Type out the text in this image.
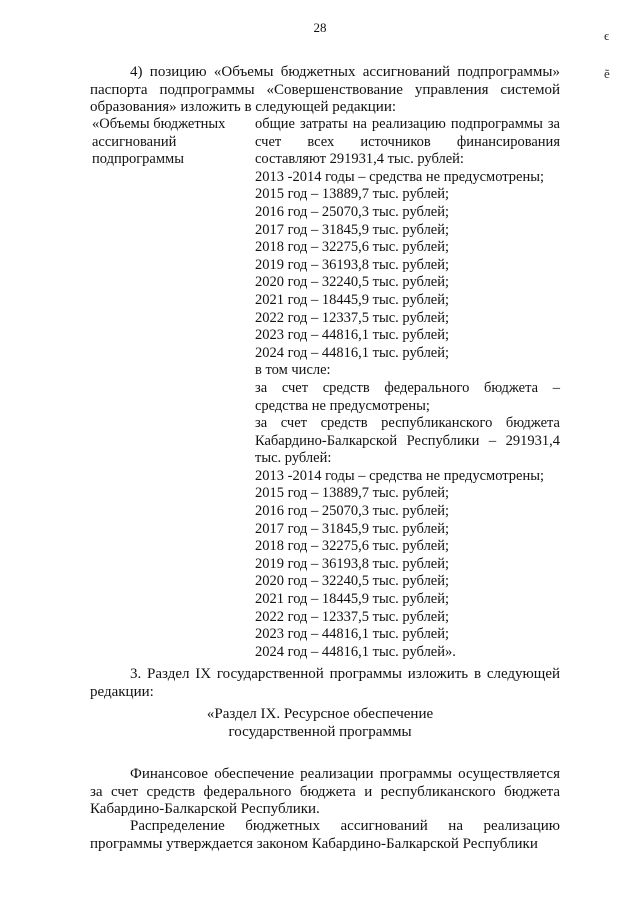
28
ϵ
ẽ
4) позицию «Объемы бюджетных ассигнований подпрограммы» паспорта подпрограммы «Совершенствование управления системой образования» изложить в следующей редакции:
«Объемы бюджетных ассигнований подпрограммы
общие затраты на реализацию подпрограммы за счет всех источников финансирования составляют 291931,4 тыс. рублей:
2013 -2014 годы – средства не предусмотрены;
2015 год – 13889,7 тыс. рублей;
2016 год – 25070,3 тыс. рублей;
2017 год – 31845,9 тыс. рублей;
2018 год – 32275,6 тыс. рублей;
2019 год – 36193,8 тыс. рублей;
2020 год – 32240,5 тыс. рублей;
2021 год – 18445,9 тыс. рублей;
2022 год – 12337,5 тыс. рублей;
2023 год – 44816,1 тыс. рублей;
2024 год – 44816,1 тыс. рублей;
в том числе:
за счет средств федерального бюджета – средства не предусмотрены;
за счет средств республиканского бюджета Кабардино-Балкарской Республики – 291931,4 тыс. рублей:
2013 -2014 годы – средства не предусмотрены;
2015 год – 13889,7 тыс. рублей;
2016 год – 25070,3 тыс. рублей;
2017 год – 31845,9 тыс. рублей;
2018 год – 32275,6 тыс. рублей;
2019 год – 36193,8 тыс. рублей;
2020 год – 32240,5 тыс. рублей;
2021 год – 18445,9 тыс. рублей;
2022 год – 12337,5 тыс. рублей;
2023 год – 44816,1 тыс. рублей;
2024 год – 44816,1 тыс. рублей».
3. Раздел IX государственной программы изложить в следующей редакции:
«Раздел IX. Ресурсное обеспечение
государственной программы
Финансовое обеспечение реализации программы осуществляется за счет средств федерального бюджета и республиканского бюджета Кабардино-Балкарской Республики.
Распределение бюджетных ассигнований на реализацию программы утверждается законом Кабардино-Балкарской Республики
